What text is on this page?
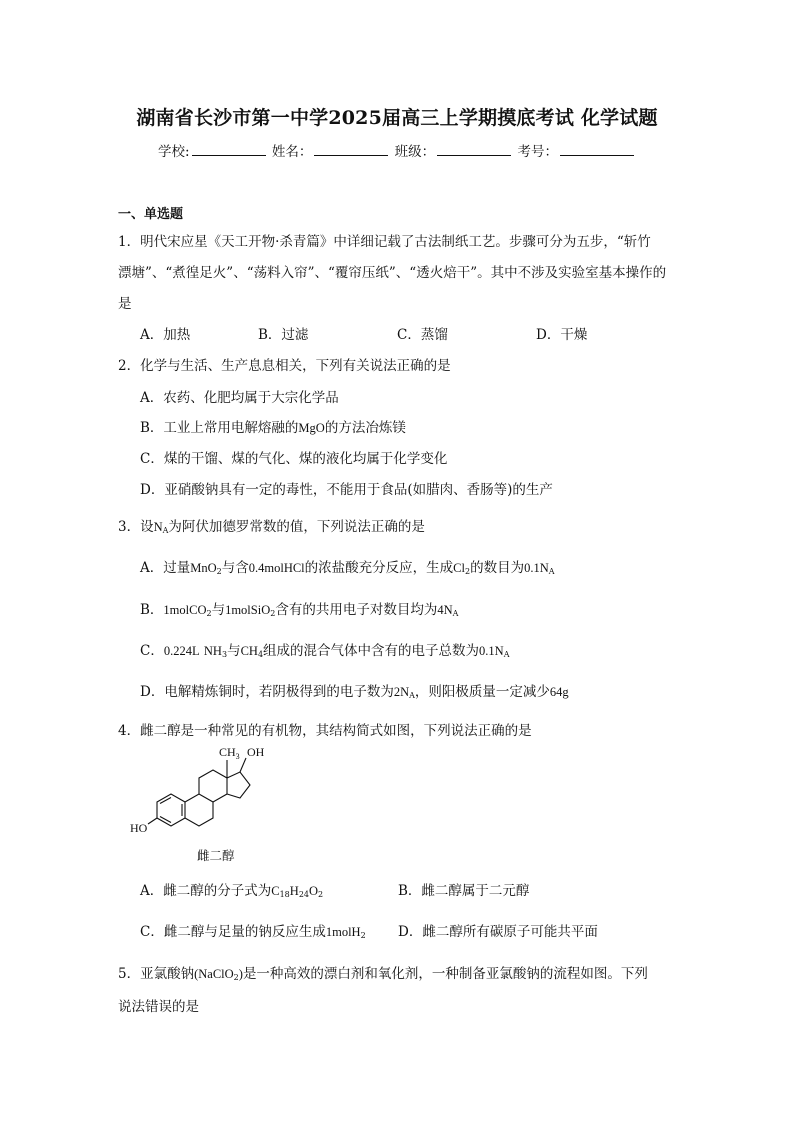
湖南省长沙市第一中学2025届高三上学期摸底考试 化学试题
学校:	姓名：	班级：	考号：
一、单选题
1．明代宋应星《天工开物·杀青篇》中详细记载了古法制纸工艺。步骤可分为五步，“斩竹
漂塘”、“煮徨足火”、“荡料入帘”、“覆帘压纸”、“透火焙干”。其中不涉及实验室基本操作的
是
A．加热	B．过滤	C．蒸馏	D．干燥
2．化学与生活、生产息息相关，下列有关说法正确的是
A．农药、化肥均属于大宗化学品
B．工业上常用电解熔融的MgO的方法冶炼镁
C．煤的干馏、煤的气化、煤的液化均属于化学变化
D．亚硝酸钠具有一定的毒性，不能用于食品(如腊肉、香肠等)的生产
3．设$N_A$为阿伏加德罗常数的值，下列说法正确的是
A．过量MnO$_2$与含0.4molHCl的浓盐酸充分反应，生成$Cl_2$的数目为$0.1N_A$
B．1molCO$_2$与1molSiO$_2$含有的共用电子对数目均为$4N_A$
C．0.224L $NH_3$与$CH_4$组成的混合气体中含有的电子总数为$0.1N_A$
D．电解精炼铜时，若阴极得到的电子数为$2N_A$，则阳极质量一定减少64g
4．雌二醇是一种常见的有机物，其结构简式如图，下列说法正确的是
$CH_3$ OH
HO
雌二醇
A．雌二醇的分子式为$C_{18}H_{24}O_2$	B．雌二醇属于二元醇
C．雌二醇与足量的钠反应生成1molH$_2$ D．雌二醇所有碳原子可能共平面
5．亚氯酸钠(NaClO$_2$)是一种高效的漂白剂和氧化剂，一种制备亚氯酸钠的流程如图。下列
说法错误的是
